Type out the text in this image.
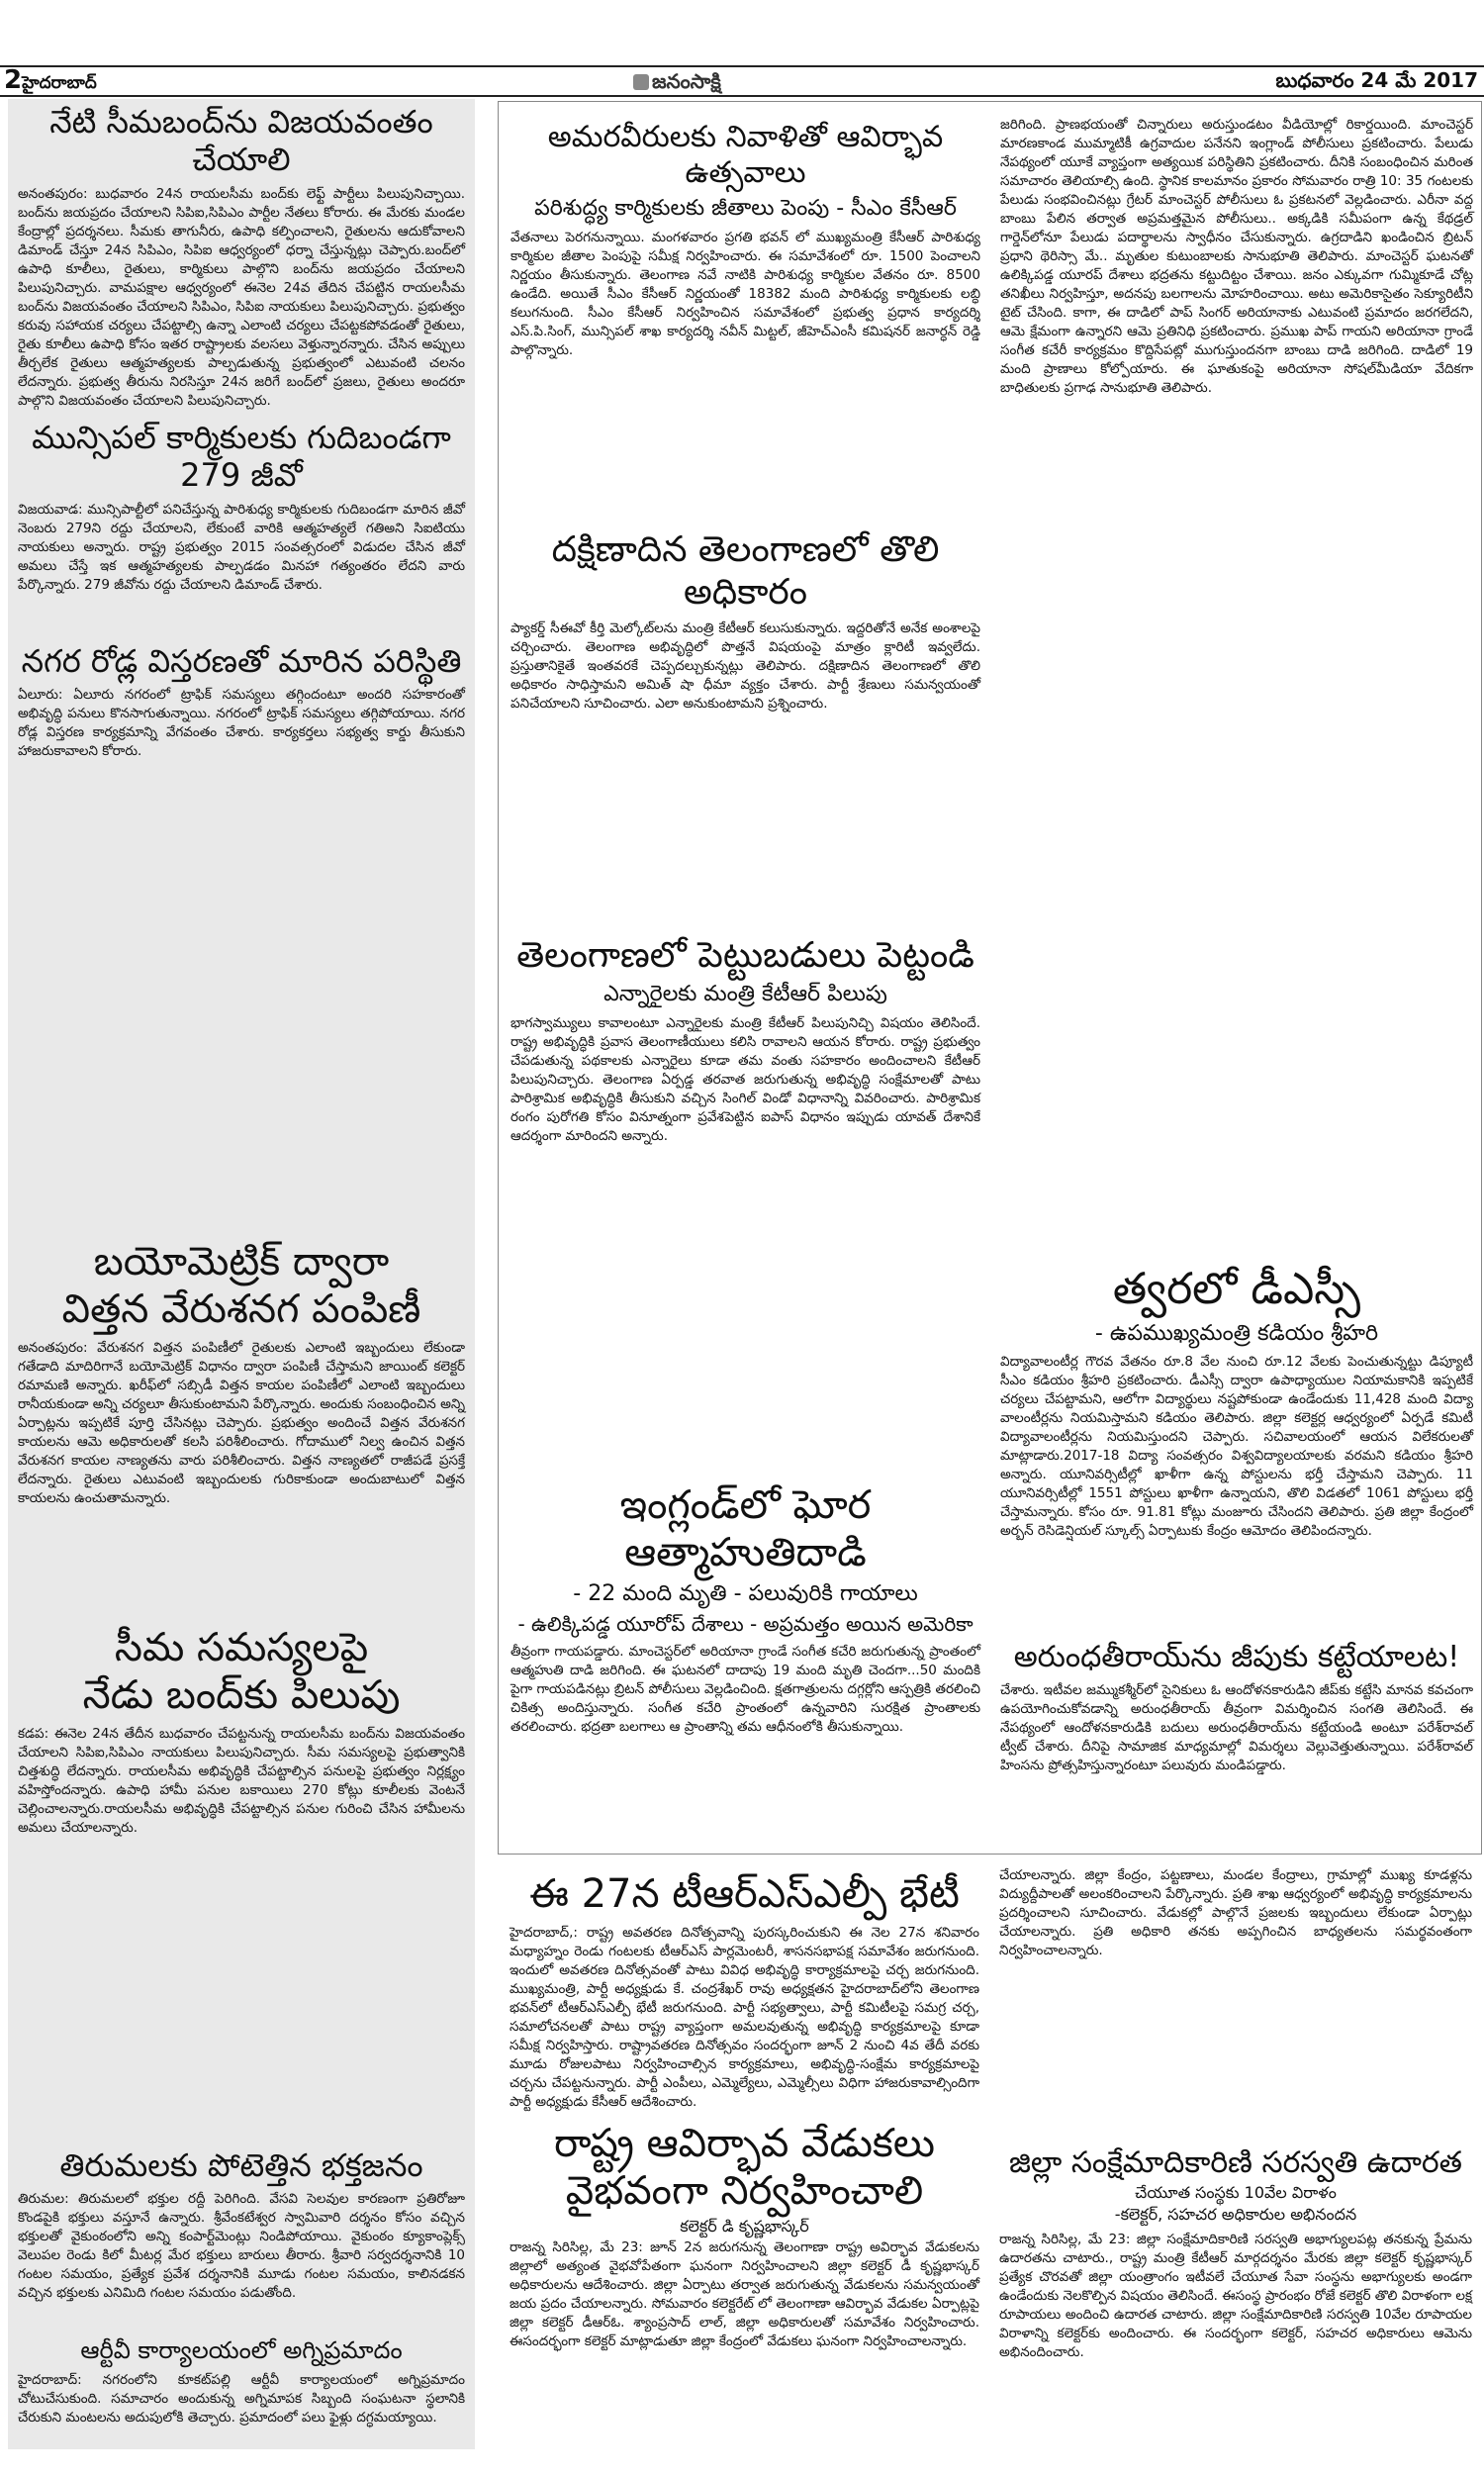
2హైదరాబాద్	జనంసాక్షి	బుధవారం 24 మే 2017
నేటి సీమబంద్‌ను విజయవంతం చేయాలి

అనంతపురం: బుధవారం 24న రాయలసీమ బంద్‌కు లెఫ్ట్ పార్టీలు పిలుపునిచ్చాయి. బంద్‌ను జయప్రదం చేయాలని సిపిఐ,సిపిఎం పార్టీల నేతలు కోరారు. ఈ మేరకు మండల కేంద్రాల్లో ప్రదర్శనలు. సీమకు తాగునీరు, ఉపాధి కల్పించాలని, రైతులను ఆదుకోవాలని డిమాండ్ చేస్తూ 24న సిపిఎం, సిపిఐ ఆధ్వర్యంలో ధర్నా చేస్తున్నట్లు చెప్పారు.బంద్‌లో ఉపాధి కూలీలు, రైతులు, కార్మికులు పాల్గొని బంద్‌ను జయప్రదం చేయాలని పిలుపునిచ్చారు. వామపక్షాల ఆధ్వర్యంలో ఈనెల 24వ తేదిన చేపట్టిన రాయలసీమ బంద్‌ను విజయవంతం చేయాలని సిపిఎం, సిపిఐ నాయకులు పిలుపునిచ్చారు. ప్రభుత్వం కరువు సహాయక చర్యలు చేపట్టాల్సి ఉన్నా ఎలాంటి చర్యలు చేపట్టకపోవడంతో రైతులు, రైతు కూలీలు ఉపాధి కోసం ఇతర రాష్ట్రాలకు వలసలు వెళ్తున్నారన్నారు. చేసిన అప్పులు తీర్చలేక రైతులు ఆత్మహత్యలకు పాల్పడుతున్న ప్రభుత్వంలో ఎటువంటి చలనం లేదన్నారు. ప్రభుత్వ తీరును నిరసిస్తూ 24న జరిగే బంద్‌లో ప్రజలు, రైతులు అందరూ పాల్గొని విజయవంతం చేయాలని పిలుపునిచ్చారు.

మున్సిపల్ కార్మికులకు గుదిబండగా 279 జీవో

విజయవాడ: మున్సిపాల్టీలో పనిచేస్తున్న పారిశుధ్య కార్మికులకు గుదిబండగా మారిన జీవో నెంబరు 279ని రద్దు చేయాలని, లేకుంటే వారికి ఆత్మహత్యలే గతిఅని సిఐటియు నాయకులు అన్నారు. రాష్ట్ర ప్రభుత్వం 2015 సంవత్సరంలో విడుదల చేసిన జీవో అమలు చేస్తే ఇక ఆత్మహత్యలకు పాల్పడడం మినహా గత్యంతరం లేదని వారు పేర్కొన్నారు. 279 జీవోను రద్దు చేయాలని డిమాండ్ చేశారు.

నగర రోడ్ల విస్తరణతో మారిన పరిస్థితి

ఏలూరు: ఏలూరు నగరంలో ట్రాఫిక్ సమస్యలు తగ్గిందంటూ అందరి సహకారంతో అభివృద్ధి పనులు కొనసాగుతున్నాయి. నగరంలో ట్రాఫిక్ సమస్యలు తగ్గిపోయాయి. నగర రోడ్ల విస్తరణ కార్యక్రమాన్ని వేగవంతం చేశారు. కార్యకర్తలు సభ్యత్వ కార్డు తీసుకుని హాజరుకావాలని కోరారు.

బయోమెట్రిక్ ద్వారా
విత్తన వేరుశనగ పంపిణీ

అనంతపురం: వేరుశనగ విత్తన పంపిణీలో రైతులకు ఎలాంటి ఇబ్బందులు లేకుండా గతేడాది మాదిరిగానే బయోమెట్రిక్ విధానం ద్వారా పంపిణీ చేస్తామని జాయింట్ కలెక్టర్ రమామణి అన్నారు. ఖరీఫ్‌లో సబ్సిడీ విత్తన కాయల పంపిణీలో ఎలాంటి ఇబ్బందులు రానీయకుండా అన్ని చర్యలూ తీసుకుంటామని పేర్కొన్నారు. అందుకు సంబంధించిన అన్ని ఏర్పాట్లను ఇప్పటికే పూర్తి చేసినట్లు చెప్పారు. ప్రభుత్వం అందించే విత్తన వేరుశనగ కాయలను ఆమె అధికారులతో కలసి పరిశీలించారు. గోదాములో నిల్వ ఉంచిన విత్తన వేరుశనగ కాయల నాణ్యతను వారు పరిశీలించారు. విత్తన నాణ్యతలో రాజీపడే ప్రసక్తే లేదన్నారు. రైతులు ఎటువంటి ఇబ్బందులకు గురికాకుండా అందుబాటులో విత్తన కాయలను ఉంచుతామన్నారు.

సీమ సమస్యలపై
నేడు బంద్‌కు పిలుపు

కడప: ఈనెల 24న తేదీన బుధవారం చేపట్టనున్న రాయలసీమ బంద్‌ను విజయవంతం చేయాలని సిపిఐ,సిపిఎం నాయకులు పిలుపునిచ్చారు. సీమ సమస్యలపై ప్రభుత్వానికి చిత్తశుద్ధి లేదన్నారు. రాయలసీమ అభివృద్ధికి చేపట్టాల్సిన పనులపై ప్రభుత్వం నిర్లక్ష్యం వహిస్తోందన్నారు. ఉపాధి హామీ పనుల బకాయిలు 270 కోట్లు కూలీలకు వెంటనే చెల్లించాలన్నారు.రాయలసీమ అభివృద్ధికి చేపట్టాల్సిన పనుల గురించి చేసిన హామీలను అమలు చేయాలన్నారు.

తిరుమలకు పోటెత్తిన భక్తజనం

తిరుమల: తిరుమలలో భక్తుల రద్దీ పెరిగింది. వేసవి సెలవుల కారణంగా ప్రతిరోజూ కొండపైకి భక్తులు వస్తూనే ఉన్నారు. శ్రీవేంకటేశ్వర స్వామివారి దర్శనం కోసం వచ్చిన భక్తులతో వైకుంఠంలోని అన్ని కంపార్ట్‌మెంట్లు నిండిపోయాయి. వైకుంఠం క్యూకాంప్లెక్స్ వెలుపల రెండు కిలో మీటర్ల మేర భక్తులు బారులు తీరారు. శ్రీవారి సర్వదర్శనానికి 10 గంటల సమయం, ప్రత్యేక ప్రవేశ దర్శనానికి మూడు గంటల సమయం, కాలినడకన వచ్చిన భక్తులకు ఎనిమిది గంటల సమయం పడుతోంది.

ఆర్టీవీ కార్యాలయంలో అగ్నిప్రమాదం

హైదరాబాద్: నగరంలోని కూకట్‌పల్లి ఆర్టీవీ కార్యాలయంలో అగ్నిప్రమాదం చోటుచేసుకుంది. సమాచారం అందుకున్న అగ్నిమాపక సిబ్బంది సంఘటనా స్థలానికి చేరుకుని మంటలను అదుపులోకి తెచ్చారు. ప్రమాదంలో పలు ఫైళ్లు దగ్ధమయ్యాయి.

అమరవీరులకు నివాళితో ఆవిర్భావ ఉత్సవాలు
పరిశుద్ధ్య కార్మికులకు జీతాలు పెంపు - సీఎం కేసీఆర్

వేతనాలు పెరగనున్నాయి. మంగళవారం ప్రగతి భవన్ లో ముఖ్యమంత్రి కేసీఆర్ పారిశుధ్య కార్మికుల జీతాల పెంపుపై సమీక్ష నిర్వహించారు. ఈ సమావేశంలో రూ. 1500 పెంచాలని నిర్ణయం తీసుకున్నారు. తెలంగాణ నవే నాటికి పారిశుధ్య కార్మికుల వేతనం రూ. 8500 ఉండేది. అయితే సీఎం కేసీఆర్ నిర్ణయంతో 18382 మంది పారిశుధ్య కార్మికులకు లబ్ధి కలుగనుంది. సీఎం కేసీఆర్ నిర్వహించిన సమావేశంలో ప్రభుత్వ ప్రధాన కార్యదర్శి ఎస్.పి.సింగ్, మున్సిపల్ శాఖ కార్యదర్శి నవీన్ మిట్టల్, జీహెచ్‌ఎంసీ కమిషనర్ జనార్ధన్ రెడ్డి పాల్గొన్నారు.

దక్షిణాదిన తెలంగాణలో తొలి అధికారం

ప్యాకర్డ్ సీఈవో కీర్తి మెల్కోట్‌లను మంత్రి కేటీఆర్ కలుసుకున్నారు. ఇద్దరితోనే అనేక అంశాలపై చర్చించారు. తెలంగాణ అభివృద్ధిలో పొత్తనే విషయంపై మాత్రం క్లారిటీ ఇవ్వలేదు. ప్రస్తుతానికైతే ఇంతవరకే చెప్పదల్చుకున్నట్లు తెలిపారు. దక్షిణాదిన తెలంగాణలో తొలి అధికారం సాధిస్తామని అమిత్ షా ధీమా వ్యక్తం చేశారు. పార్టీ శ్రేణులు సమన్వయంతో పనిచేయాలని సూచించారు. ఎలా అనుకుంటామని ప్రశ్నించారు.

తెలంగాణలో పెట్టుబడులు పెట్టండి
ఎన్నారైలకు మంత్రి కేటీఆర్ పిలుపు

భాగస్వామ్యులు కావాలంటూ ఎన్నారైలకు మంత్రి కేటీఆర్ పిలుపునిచ్చి విషయం తెలిసిందే. రాష్ట్ర అభివృద్ధికి ప్రవాస తెలంగాణీయులు కలిసి రావాలని ఆయన కోరారు. రాష్ట్ర ప్రభుత్వం చేపడుతున్న పథకాలకు ఎన్నారైలు కూడా తమ వంతు సహకారం అందించాలని కేటీఆర్ పిలుపునిచ్చారు. తెలంగాణ ఏర్పడ్డ తరవాత జరుగుతున్న అభివృద్ధి సంక్షేమాలతో పాటు పారిశ్రామిక అభివృద్ధికి తీసుకుని వచ్చిన సింగిల్ విండో విధానాన్ని వివరించారు. పారిశ్రామిక రంగం పురోగతి కోసం వినూత్నంగా ప్రవేశపెట్టిన ఐపాస్ విధానం ఇప్పుడు యావత్ దేశానికే ఆదర్శంగా మారిందని అన్నారు.

ఇంగ్లండ్‌లో ఘోర ఆత్మాహుతిదాడి
- 22 మంది మృతి - పలువురికి గాయాలు
- ఉలిక్కిపడ్డ యూరోప్ దేశాలు - అప్రమత్తం అయిన అమెరికా

తీవ్రంగా గాయపడ్డారు. మాంచెస్టర్‌లో అరియానా గ్రాండే సంగీత కచేరి జరుగుతున్న ప్రాంతంలో ఆత్మహుతి దాడి జరిగింది. ఈ ఘటనలో దాదాపు 19 మంది మృతి చెందగా...50 మందికి పైగా గాయపడినట్లు బ్రిటన్ పోలీసులు వెల్లడించింది. క్షతగాత్రులను దగ్గర్లోని ఆస్పత్రికి తరలించి చికిత్స అందిస్తున్నారు. సంగీత కచేరి ప్రాంతంలో ఉన్నవారిని సురక్షిత ప్రాంతాలకు తరలించారు. భద్రతా బలగాలు ఆ ప్రాంతాన్ని తమ ఆధీనంలోకి తీసుకున్నాయి.

జరిగింది. ప్రాణభయంతో చిన్నారులు అరుస్తుండటం వీడియోల్లో రికార్డయింది. మాంచెస్టర్ మారణకాండ ముమ్మాటికీ ఉగ్రవాదుల పనేనని ఇంగ్లాండ్ పోలీసులు ప్రకటించారు. పేలుడు నేపథ్యంలో యూకే వ్యాప్తంగా అత్యయిక పరిస్థితిని ప్రకటించారు. దీనికి సంబంధించిన మరింత సమాచారం తెలియాల్సి ఉంది. స్థానిక కాలమానం ప్రకారం సోమవారం రాత్రి 10: 35 గంటలకు పేలుడు సంభవించినట్లు గ్రేటర్ మాంచెస్టర్ పోలీసులు ఓ ప్రకటనలో వెల్లడించారు. ఎరీనా వద్ద బాంబు పేలిన తర్వాత అప్రమత్తమైన పోలీసులు.. అక్కడికి సమీపంగా ఉన్న కేథడ్రల్ గార్డెన్‌లోనూ పేలుడు పదార్థాలను స్వాధీనం చేసుకున్నారు. ఉగ్రదాడిని ఖండించిన బ్రిటన్ ప్రధాని థెరిస్సా మే.. మృతుల కుటుంబాలకు సానుభూతి తెలిపారు. మాంచెస్టర్ ఘటనతో ఉలిక్కిపడ్డ యూరప్ దేశాలు భద్రతను కట్టుదిట్టం చేశాయి. జనం ఎక్కువగా గుమ్మికూడే చోట్ల తనిఖీలు నిర్వహిస్తూ, అదనపు బలగాలను మోహరించాయి. అటు అమెరికాసైతం సెక్యూరిటీని టైట్ చేసింది. కాగా, ఈ దాడిలో పాప్ సింగర్ అరియానాకు ఎటువంటి ప్రమాదం జరగలేదని, ఆమె క్షేమంగా ఉన్నారని ఆమె ప్రతినిధి ప్రకటించారు. ప్రముఖ పాప్ గాయని అరియానా గ్రాండే సంగీత కచేరీ కార్యక్రమం కొద్దిసేపట్లో ముగుస్తుందనగా బాంబు దాడి జరిగింది. దాడిలో 19 మంది ప్రాణాలు కోల్పోయారు. ఈ ఘాతుకంపై అరియానా సోషల్‌మీడియా వేదికగా బాధితులకు ప్రగాఢ సానుభూతి తెలిపారు.

త్వరలో డీఎస్సీ
- ఉపముఖ్యమంత్రి కడియం శ్రీహరి

విద్యావాలంటీర్ల గౌరవ వేతనం రూ.8 వేల నుంచి రూ.12 వేలకు పెంచుతున్నట్టు డిప్యూటీ సీఎం కడియం శ్రీహరి ప్రకటించారు. డీఎస్సీ ద్వారా ఉపాధ్యాయుల నియామకానికి ఇప్పటికే చర్యలు చేపట్టామని, ఆలోగా విద్యార్థులు నష్టపోకుండా ఉండేందుకు 11,428 మంది విద్యా వాలంటీర్లను నియమిస్తామని కడియం తెలిపారు. జిల్లా కలెక్టర్ల ఆధ్వర్యంలో ఏర్పడే కమిటీ విద్యావాలంటీర్లను నియమిస్తుందని చెప్పారు. సచివాలయంలో ఆయన విలేకరులతో మాట్లాడారు.2017-18 విద్యా సంవత్సరం విశ్వవిద్యాలయాలకు వరమని కడియం శ్రీహరి అన్నారు. యూనివర్సిటీల్లో ఖాళీగా ఉన్న పోస్టులను భర్తీ చేస్తామని చెప్పారు. 11 యూనివర్సిటీల్లో 1551 పోస్టులు ఖాళీగా ఉన్నాయని, తొలి విడతలో 1061 పోస్టులు భర్తీ చేస్తామన్నారు. కోసం రూ. 91.81 కోట్లు మంజూరు చేసిందని తెలిపారు. ప్రతి జిల్లా కేంద్రంలో అర్బన్ రెసిడెన్షియల్ స్కూల్స్ ఏర్పాటుకు కేంద్రం ఆమోదం తెలిపిందన్నారు.

అరుంధతీరాయ్‌ను జీపుకు కట్టేయాలట!

చేశారు. ఇటీవల జమ్ముకశ్మీర్‌లో సైనికులు ఓ ఆందోళనకారుడిని జీప్‌కు కట్టేసి మానవ కవచంగా ఉపయోగించుకోవడాన్ని అరుంధతీరాయ్ తీవ్రంగా విమర్శించిన సంగతి తెలిసిందే. ఈ నేపథ్యంలో ఆందోళనకారుడికి బదులు అరుంధతీరాయ్‌ను కట్టేయండి అంటూ పరేశ్‌రావల్ ట్వీట్ చేశారు. దీనిపై సామాజిక మాధ్యమాల్లో విమర్శలు వెల్లువెత్తుతున్నాయి. పరేశ్‌రావల్ హింసను ప్రోత్సహిస్తున్నారంటూ పలువురు మండిపడ్డారు.

ఈ 27న టీఆర్‌ఎస్‌ఎల్పీ భేటీ

హైదరాబాద్,: రాష్ట్ర అవతరణ దినోత్సవాన్ని పురస్కరించుకుని ఈ నెల 27న శనివారం మధ్యాహ్నం రెండు గంటలకు టీఆర్ఎస్ పార్లమెంటరీ, శాసనసభాపక్ష సమావేశం జరుగనుంది. ఇందులో అవతరణ దినోత్సవంతో పాటు వివిధ అభివృద్ధి కార్యాక్రమాలపై చర్చ జరుగనుంది. ముఖ్యమంత్రి, పార్టీ అధ్యక్షుడు కే. చంద్రశేఖర్ రావు అధ్యక్షతన హైదరాబాద్‌లోని తెలంగాణ భవన్‌లో టీఆర్‌ఎస్‌ఎల్పీ భేటీ జరుగనుంది. పార్టీ సభ్యత్వాలు, పార్టీ కమిటీలపై సమగ్ర చర్చ, సమాలోచనలతో పాటు రాష్ట్ర వ్యాప్తంగా అమలవుతున్న అభివృద్ధి కార్యక్రమాలపై కూడా సమీక్ష నిర్వహిస్తారు. రాష్ట్రావతరణ దినోత్సవం సందర్భంగా జూన్ 2 నుంచి 4వ తేదీ వరకు మూడు రోజులపాటు నిర్వహించాల్సిన కార్యక్రమాలు, అభివృద్ధి-సంక్షేమ కార్యక్రమాలపై చర్చను చేపట్టనున్నారు. పార్టీ ఎంపీలు, ఎమ్మెల్యేలు, ఎమ్మెల్సీలు విధిగా హాజరుకావాల్సిందిగా పార్టీ అధ్యక్షుడు కేసీఆర్ ఆదేశించారు.

రాష్ట్ర ఆవిర్భావ వేడుకలు
వైభవంగా నిర్వహించాలి
కలెక్టర్ డి కృష్ణభాస్కర్

రాజన్న సిరిసిల్ల, మే 23: జూన్ 2న జరుగనున్న తెలంగాణా రాష్ట్ర అవిర్భావ వేడుకలను జిల్లాలో అత్యంత వైభవోపేతంగా ఘనంగా నిర్వహించాలని జిల్లా కలెక్టర్ డీ కృష్ణభాస్కర్ అధికారులను ఆదేశించారు. జిల్లా ఏర్పాటు తర్వాత జరుగుతున్న వేడుకలను సమన్వయంతో జయ ప్రదం చేయాలన్నారు. సోమవారం కలెక్టరేట్ లో తెలంగాణా ఆవిర్భావ వేడుకల ఏర్పాట్లపై జిల్లా కలెక్టర్ డీఆర్ఓ. శ్యాంప్రసాద్ లాల్, జిల్లా అధికారులతో సమావేశం నిర్వహించారు. ఈసందర్భంగా కలెక్టర్ మాట్లాడుతూ జిల్లా కేంద్రంలో వేడుకలు ఘనంగా నిర్వహించాలన్నారు.

చేయాలన్నారు. జిల్లా కేంద్రం, పట్టణాలు, మండల కేంద్రాలు, గ్రామాల్లో ముఖ్య కూడళ్లను విద్యుద్దీపాలతో అలంకరించాలని పేర్కొన్నారు. ప్రతి శాఖ ఆధ్వర్యంలో అభివృద్ధి కార్యక్రమాలను ప్రదర్శించాలని సూచించారు. వేడుకల్లో పాల్గొనే ప్రజలకు ఇబ్బందులు లేకుండా ఏర్పాట్లు చేయాలన్నారు. ప్రతి అధికారి తనకు అప్పగించిన బాధ్యతలను సమర్థవంతంగా నిర్వహించాలన్నారు.

జిల్లా సంక్షేమాదికారిణి సరస్వతి ఉదారత
చేయూత సంస్థకు 10వేల విరాళం
-కలెక్టర్, సహచర అధికారుల అభినందన

రాజన్న సిరిసిల్ల, మే 23: జిల్లా సంక్షేమాదికారిణి సరస్వతి అభాగ్యులపట్ల తనకున్న ప్రేమను ఉదారతను చాటారు., రాష్ట్ర మంత్రి కేటీఆర్ మార్గదర్శనం మేరకు జిల్లా కలెక్టర్ కృష్ణభాస్కర్ ప్రత్యేక చొరవతో జిల్లా యంత్రాంగం ఇటీవలే చేయూత సేవా సంస్థను అభాగ్యులకు అండగా ఉండేందుకు నెలకొల్పిన విషయం తెలిసిందే. ఈసంస్థ ప్రారంభం రోజే కలెక్టర్ తొలి విరాళంగా లక్ష రూపాయలు అందించి ఉదారత చాటారు. జిల్లా సంక్షేమాదికారిణి సరస్వతి 10వేల రూపాయల విరాళాన్ని కలెక్టర్‌కు అందించారు. ఈ సందర్భంగా కలెక్టర్, సహచర అధికారులు ఆమెను అభినందించారు.
